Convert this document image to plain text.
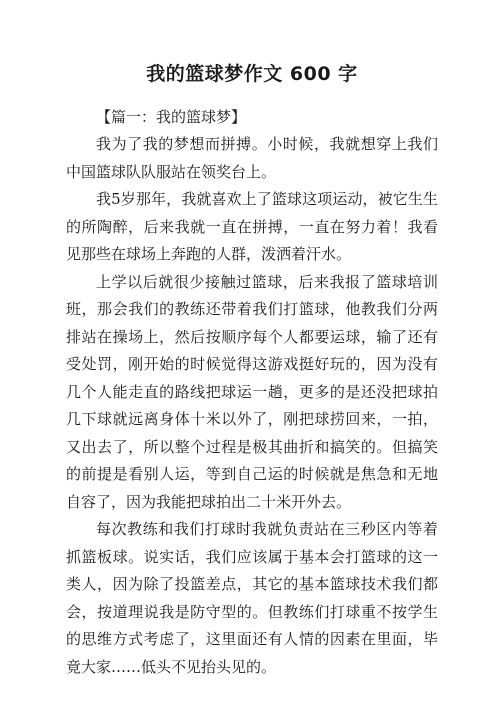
我的篮球梦作文 600 字

【篇一：我的篮球梦】

我为了我的梦想而拼搏。小时候，我就想穿上我们中国篮球队队服站在领奖台上。

我5岁那年，我就喜欢上了篮球这项运动，被它生生的所陶醉，后来我就一直在拼搏，一直在努力着！我看见那些在球场上奔跑的人群，泼洒着汗水。

上学以后就很少接触过篮球，后来我报了篮球培训班，那会我们的教练还带着我们打篮球，他教我们分两排站在操场上，然后按顺序每个人都要运球，输了还有受处罚，刚开始的时候觉得这游戏挺好玩的，因为没有几个人能走直的路线把球运一趟，更多的是还没把球拍几下球就远离身体十米以外了，刚把球捞回来，一拍，又出去了，所以整个过程是极其曲折和搞笑的。但搞笑的前提是看别人运，等到自己运的时候就是焦急和无地自容了，因为我能把球拍出二十米开外去。

每次教练和我们打球时我就负责站在三秒区内等着抓篮板球。说实话，我们应该属于基本会打篮球的这一类人，因为除了投篮差点，其它的基本篮球技术我们都会，按道理说我是防守型的。但教练们打球重不按学生的思维方式考虑了，这里面还有人情的因素在里面，毕竟大家……低头不见抬头见的。
